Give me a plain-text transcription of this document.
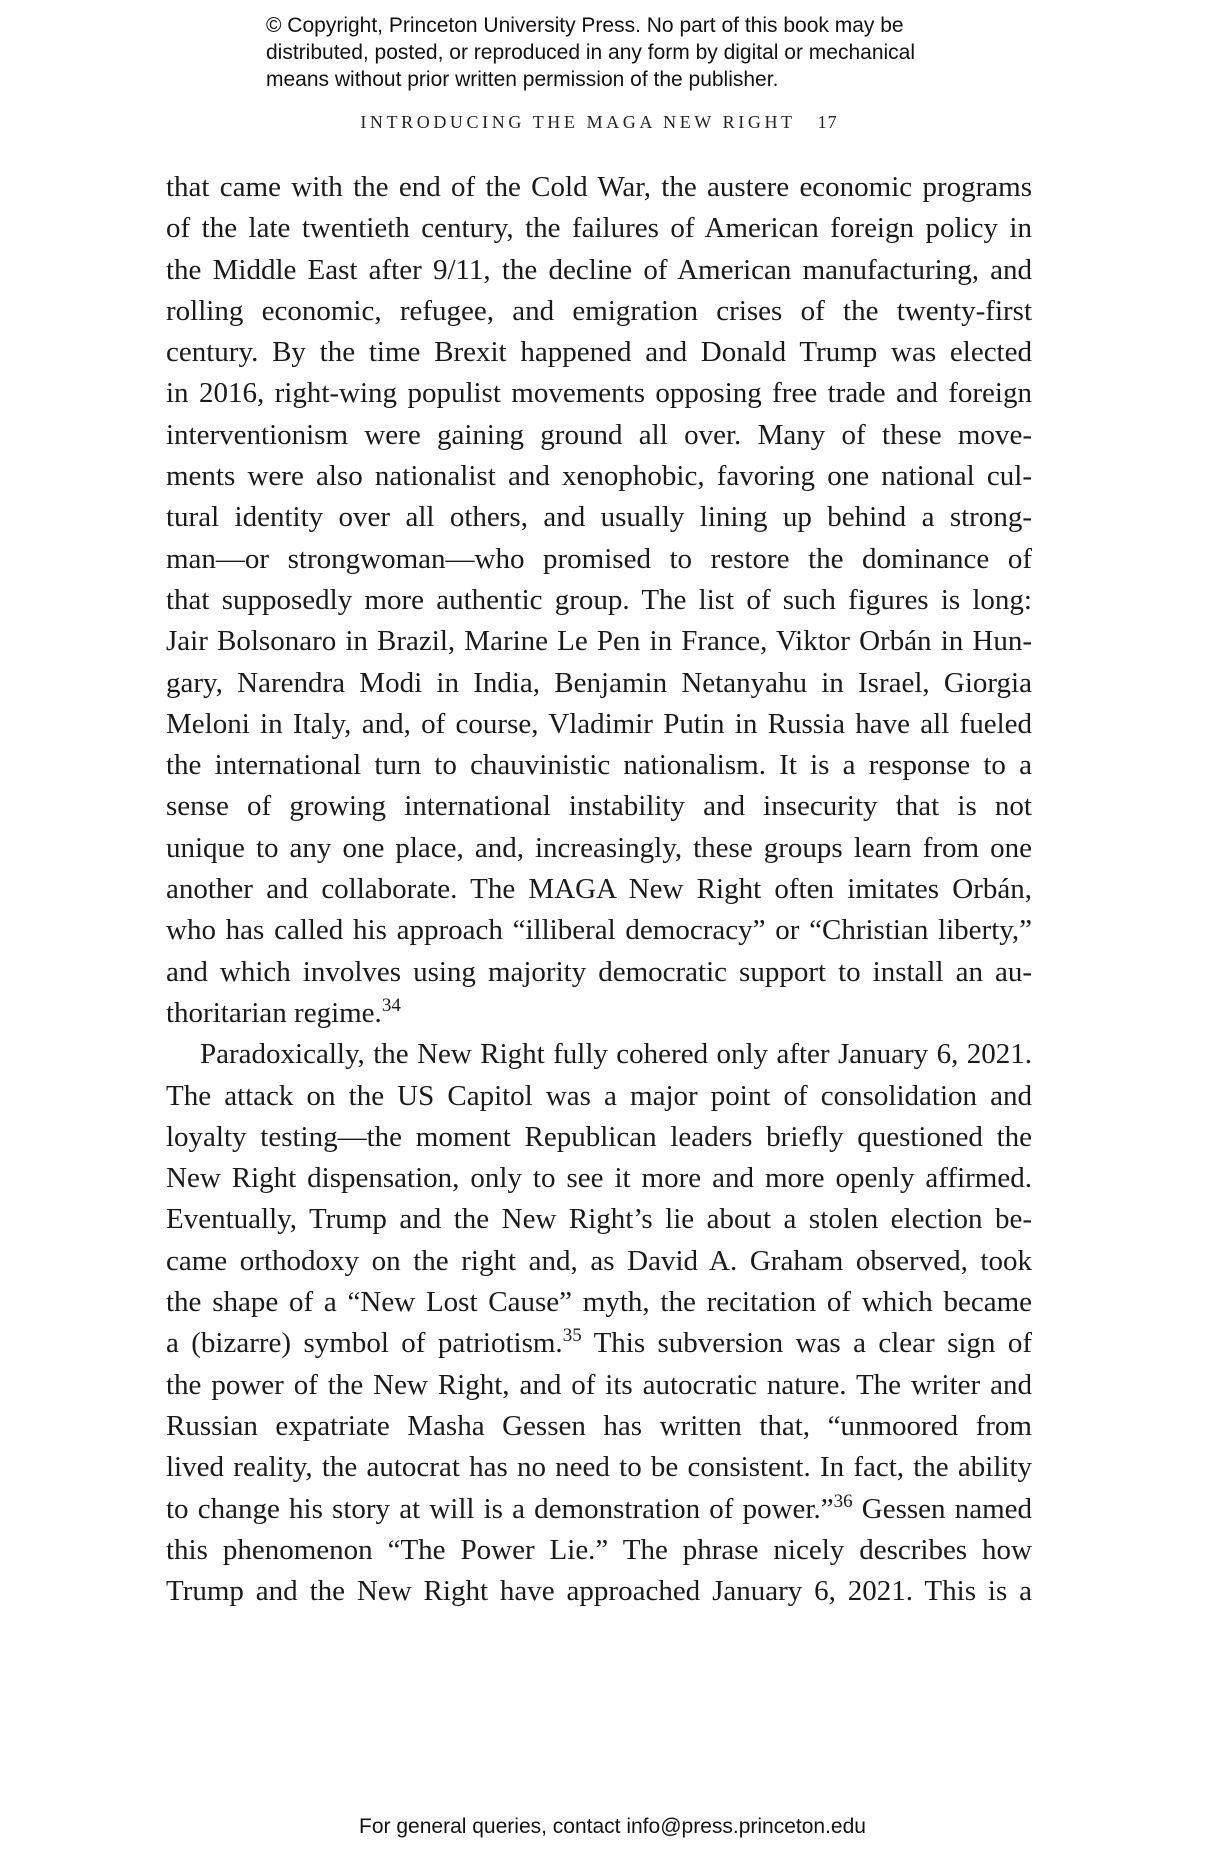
© Copyright, Princeton University Press. No part of this book may be

distributed, posted, or reproduced in any form by digital or mechanical

means without prior written permission of the publisher.

INTRODUCING THE MAGA NEW RIGHT 17
that came with the end of the Cold War, the austere economic programs
of the late twentieth century, the failures of American foreign policy in
the Middle East after 9/11, the decline of American manufacturing, and
rolling economic, refugee, and emigration crises of the twenty-first
century. By the time Brexit happened and Donald Trump was elected
in 2016, right-wing populist movements opposing free trade and foreign
interventionism were gaining ground all over. Many of these move-
ments were also nationalist and xenophobic, favoring one national cul-
tural identity over all others, and usually lining up behind a strong-
man—or strongwoman—who promised to restore the dominance of
that supposedly more authentic group. The list of such figures is long:
Jair Bolsonaro in Brazil, Marine Le Pen in France, Viktor Orbán in Hun-
gary, Narendra Modi in India, Benjamin Netanyahu in Israel, Giorgia
Meloni in Italy, and, of course, Vladimir Putin in Russia have all fueled
the international turn to chauvinistic nationalism. It is a response to a
sense of growing international instability and insecurity that is not
unique to any one place, and, increasingly, these groups learn from one
another and collaborate. The MAGA New Right often imitates Orbán,
who has called his approach “illiberal democracy” or “Christian liberty,”
and which involves using majority democratic support to install an au-
thoritarian regime.$^{34}$
Paradoxically, the New Right fully cohered only after January 6, 2021.
The attack on the US Capitol was a major point of consolidation and
loyalty testing—the moment Republican leaders briefly questioned the
New Right dispensation, only to see it more and more openly affirmed.
Eventually, Trump and the New Right’s lie about a stolen election be-
came orthodoxy on the right and, as David A. Graham observed, took
the shape of a “New Lost Cause” myth, the recitation of which became
a (bizarre) symbol of patriotism.$^{35}$ This subversion was a clear sign of
the power of the New Right, and of its autocratic nature. The writer and
Russian expatriate Masha Gessen has written that, “unmoored from
lived reality, the autocrat has no need to be consistent. In fact, the ability
to change his story at will is a demonstration of power.”$^{36}$ Gessen named
this phenomenon “The Power Lie.” The phrase nicely describes how
Trump and the New Right have approached January 6, 2021. This is a
For general queries, contact info@press.princeton.edu
